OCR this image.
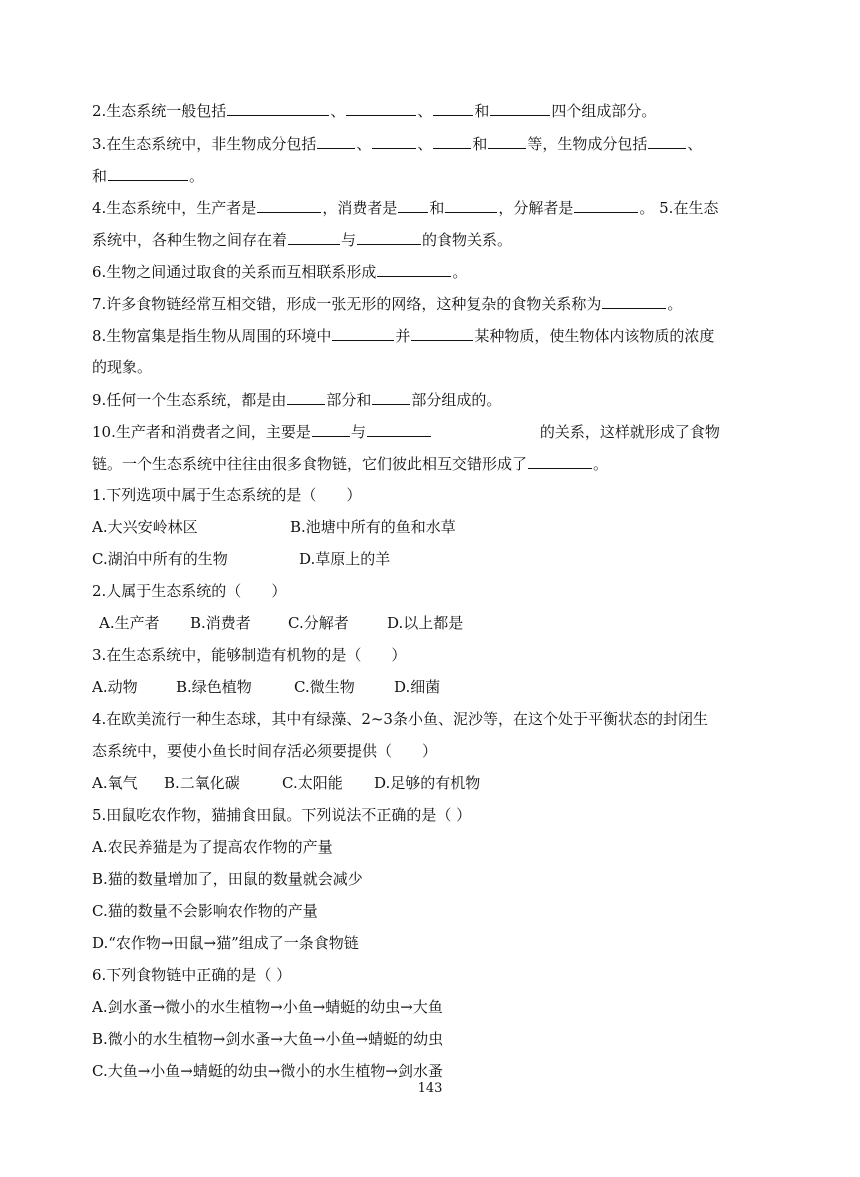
2.生态系统一般包括	、	、	和	四个组成部分。
3.在生态系统中，非生物成分包括	、	、	和	等，生物成分包括	、
和	。
4.生态系统中，生产者是	，消费者是 和	，分解者是	。 5.在生态
系统中，各种生物之间存在着	与	的食物关系。
6.生物之间通过取食的关系而互相联系形成	。
7.许多食物链经常互相交错，形成一张无形的网络，这种复杂的食物关系称为	。
8.生物富集是指生物从周围的环境中	并	某种物质，使生物体内该物质的浓度
的现象。
9.任何一个生态系统，都是由	部分和	部分组成的。
10.生产者和消费者之间，主要是	与	的关系，这样就形成了食物
链。一个生态系统中往往由很多食物链，它们彼此相互交错形成了	。
1.下列选项中属于生态系统的是（　　）
A.大兴安岭林区	B.池塘中所有的鱼和水草
C.湖泊中所有的生物	D.草原上的羊
2.人属于生态系统的（　　）
A.生产者 B.消费者 C.分解者	D.以上都是
3.在生态系统中，能够制造有机物的是（　　）
A.动物	B.绿色植物	C.微生物	D.细菌
4.在欧美流行一种生态球，其中有绿藻、2~3条小鱼、泥沙等，在这个处于平衡状态的封闭生
态系统中，要使小鱼长时间存活必须要提供（　　）
A.氧气 B.二氧化碳	C.太阳能 D.足够的有机物
5.田鼠吃农作物，猫捕食田鼠。下列说法不正确的是（ ）
A.农民养猫是为了提高农作物的产量
B.猫的数量增加了，田鼠的数量就会减少
C.猫的数量不会影响农作物的产量
D.“农作物→田鼠→猫”组成了一条食物链
6.下列食物链中正确的是（ ）
A.剑水蚤→微小的水生植物→小鱼→蜻蜓的幼虫→大鱼
B.微小的水生植物→剑水蚤→大鱼→小鱼→蜻蜓的幼虫
C.大鱼→小鱼→蜻蜓的幼虫→微小的水生植物→剑水蚤
143
